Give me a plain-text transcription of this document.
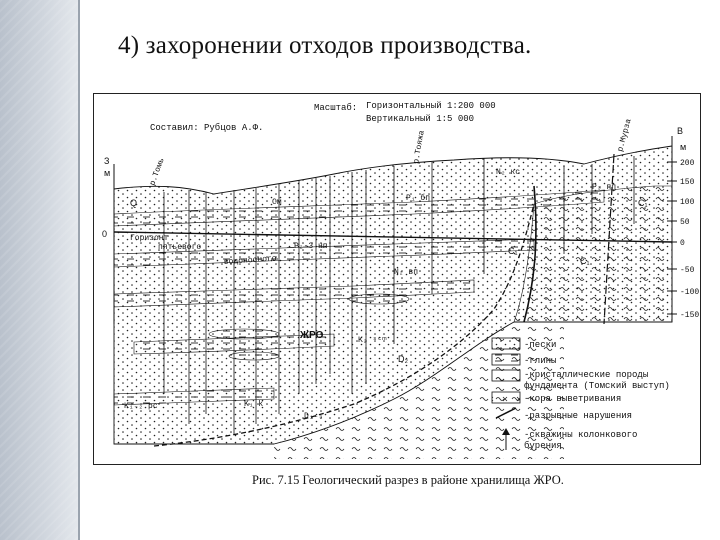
4) захоронении отходов производства.
Масштаб: Горизонтальный 1:200 000
Вертикальный 1:5 000
Составил: Рубцов А.Ф.
З
м
0
В
м
200
150
100
50
0
-50
-100
-150
р.Томь
р.Тояжа	р.Мурза
Q	Cм	P₁ бп
N₂ кс
P₃ пп
P₂-3 нп
N₂ вп
C₁
C₁
C₁
ЖРО	K₂ ˢᶜᵐ
K₁₋₂ рс	K₁ k
D₂
D₁₋₃
Горизонт
пятьевого
водоносного
-пески
-глины
-кристаллические породы
фундамента (Томский выступ)
-кора выветривания
-разрывные нарушения
-скважины колонкового
бурения
Рис. 7.15 Геологический разрез в районе хранилища ЖРО.
